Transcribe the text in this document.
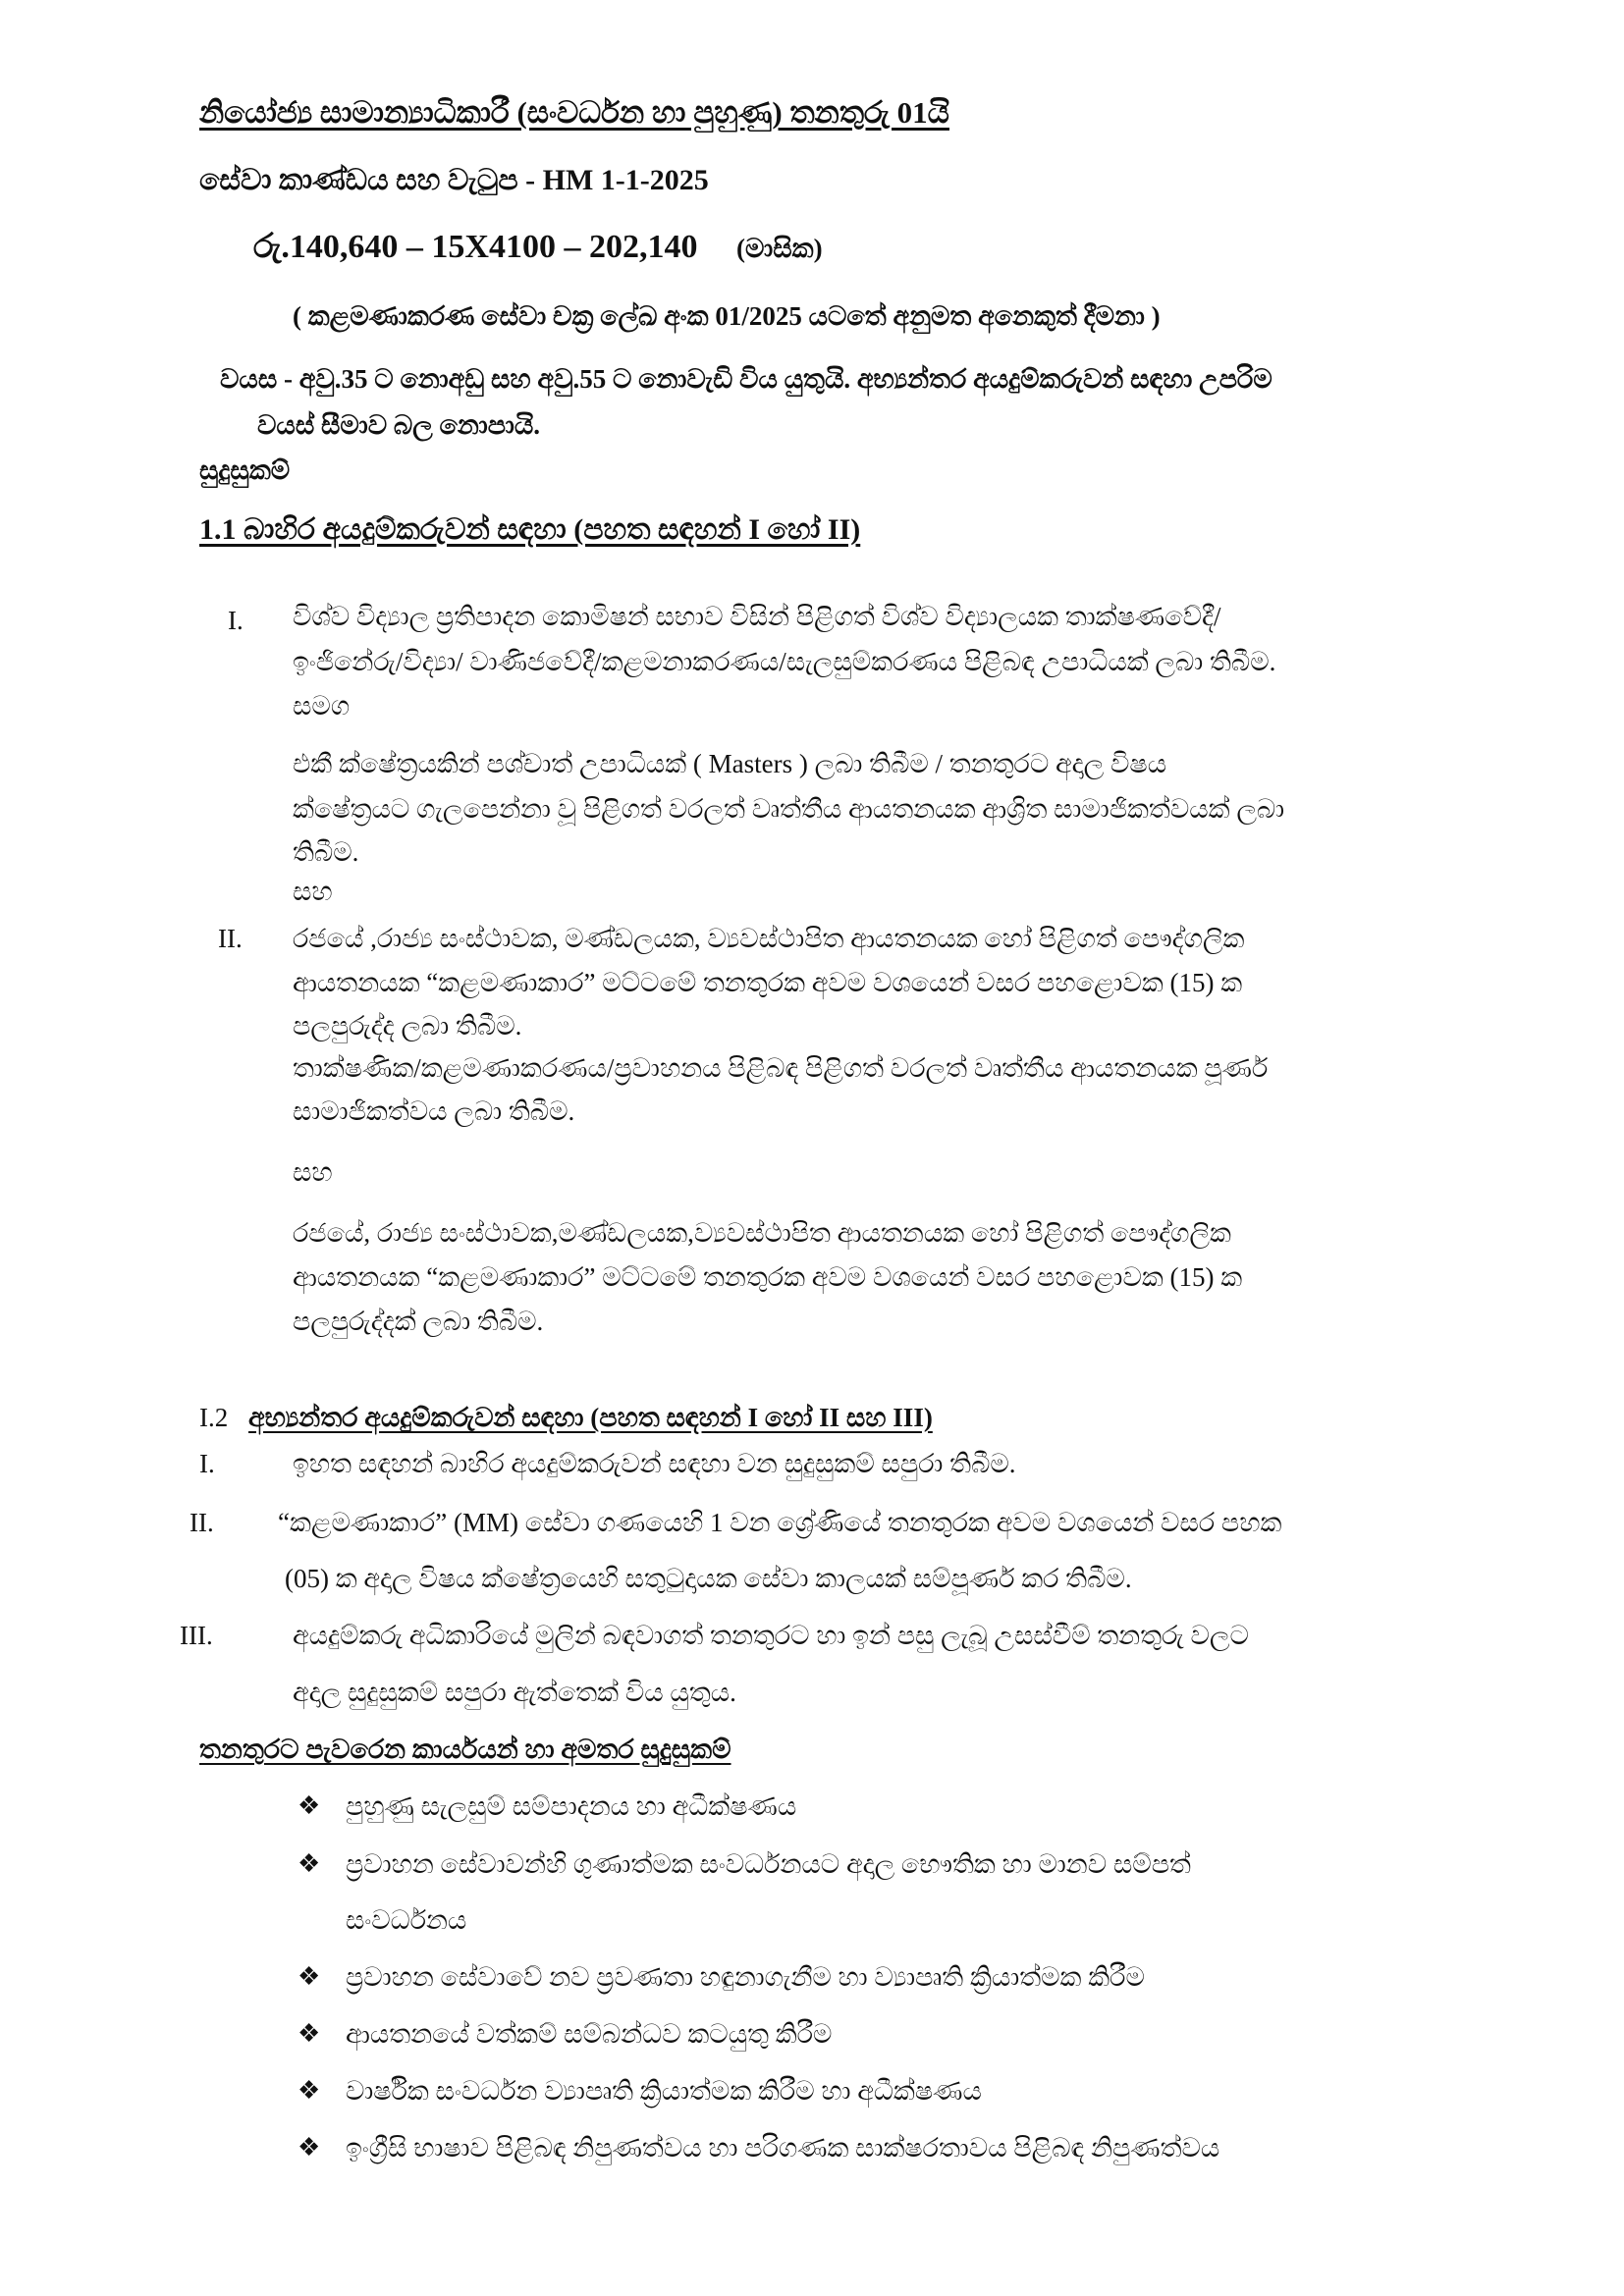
නියෝජ්‍ය සාමාන්‍යාධිකාරී (සංවර්ධන හා පුහුණු) තනතුරු 01යි
සේවා කාණ්ඩය සහ වැටුප - HM 1-1-2025
රු.140,640 – 15X4100 – 202,140 (මාසික)
( කළමණාකරණ සේවා චක්‍ර ලේඛ අංක 01/2025 යටතේ අනුමත අනෙකුත් දීමනා )
වයස - අවු.35 ට නොඅඩු සහ අවු.55 ට නොවැඩි විය යුතුයි. අභ්‍යන්තර අයදුම්කරුවන් සඳහා උපරිම
වයස් සීමාව බල නොපායි.
සුදුසුකම්
1.1 බාහිර අයදුම්කරුවන් සඳහා (පහත සඳහන් I හෝ II)
I. විශ්ව විද්‍යාල ප්‍රතිපාදන කොමිෂන් සභාව විසින් පිළිගත් විශ්ව විද්‍යාලයක තාක්ෂණවේදී/
ඉංජිනේරු/විද්‍යා/ වාණිජවේදී/කළමනාකරණය/සැලසුම්කරණය පිළිබඳ උපාධියක් ලබා තිබීම.
සමග
එකී ක්ෂේත්‍රයකින් පශ්චාත් උපාධියක් ( Masters ) ලබා තිබීම / තනතුරට අදාල විෂය
ක්ෂේත්‍රයට ගැලපෙන්නා වූ පිළිගත් වරලත් වෘත්තීය ආයතනයක ආශ්‍රිත සාමාජිකත්වයක් ලබා
තිබීම.
සහ
II. රජයේ ,රාජ්‍ය සංස්ථාවක, මණ්ඩලයක, ව්‍යවස්ථාපිත ආයතනයක හෝ පිළිගත් පෞද්ගලික
ආයතනයක “කළමණාකාර” මට්ටමේ තනතුරක අවම වශයෙන් වසර පහළොවක (15) ක
පලපුරුද්ද ලබා තිබීම.
තාක්ෂණික/කළමණාකරණය/ප්‍රවාහනය පිළිබඳ පිළිගත් වරලත් වෘත්තීය ආයතනයක පූර්ණ
සාමාජිකත්වය ලබා තිබීම.
සහ
රජයේ, රාජ්‍ය සංස්ථාවක,මණ්ඩලයක,ව්‍යවස්ථාපිත ආයතනයක හෝ පිළිගත් පෞද්ගලික
ආයතනයක “කළමණාකාර” මට්ටමේ තනතුරක අවම වශයෙන් වසර පහළොවක (15) ක
පලපුරුද්දක් ලබා තිබීම.
I.2 අභ්‍යන්තර අයදුම්කරුවන් සඳහා (පහත සඳහන් I හෝ II සහ III)
I.	ඉහත සඳහන් බාහිර අයදුම්කරුවන් සඳහා වන සුදුසුකම් සපුරා තිබීම.
II. “කළමණාකාර” (MM) සේවා ගණයෙහි 1 වන ශ්‍රේණියේ තනතුරක අවම වශයෙන් වසර පහක
(05) ක අදාල විෂය ක්ෂේත්‍රයෙහි සතුටුදායක සේවා කාලයක් සම්පූර්ණ කර තිබීම.
III.	අයදුම්කරු අධිකාරියේ මුලින් බඳවාගත් තනතුරට හා ඉන් පසු ලැබූ උසස්වීම් තනතුරු වලට
අදාල සුදුසුකම් සපුරා ඇත්තෙක් විය යුතුය.
තනතුරට පැවරෙන කාර්යයන් හා අමතර සුදුසුකම්
❖ පුහුණු සැලසුම් සම්පාදනය හා අධීක්ෂණය
❖ ප්‍රවාහන සේවාවන්හි ගුණාත්මක සංවර්ධනයට අදාල භෞතික හා මානව සම්පත්
සංවර්ධනය
❖ ප්‍රවාහන සේවාවේ නව ප්‍රවණතා හඳුනාගැනීම හා ව්‍යාපෘති ක්‍රියාත්මක කිරීම
❖ ආයතනයේ වත්කම් සම්බන්ධව කටයුතු කිරීම
❖ වාර්ෂික සංවර්ධන ව්‍යාපෘති ක්‍රියාත්මක කිරීම හා අධීක්ෂණය
❖ ඉංග්‍රීසි භාෂාව පිළිබඳ නිපුණත්වය හා පරිගණක සාක්ෂරතාවය පිළිබඳ නිපුණත්වය
